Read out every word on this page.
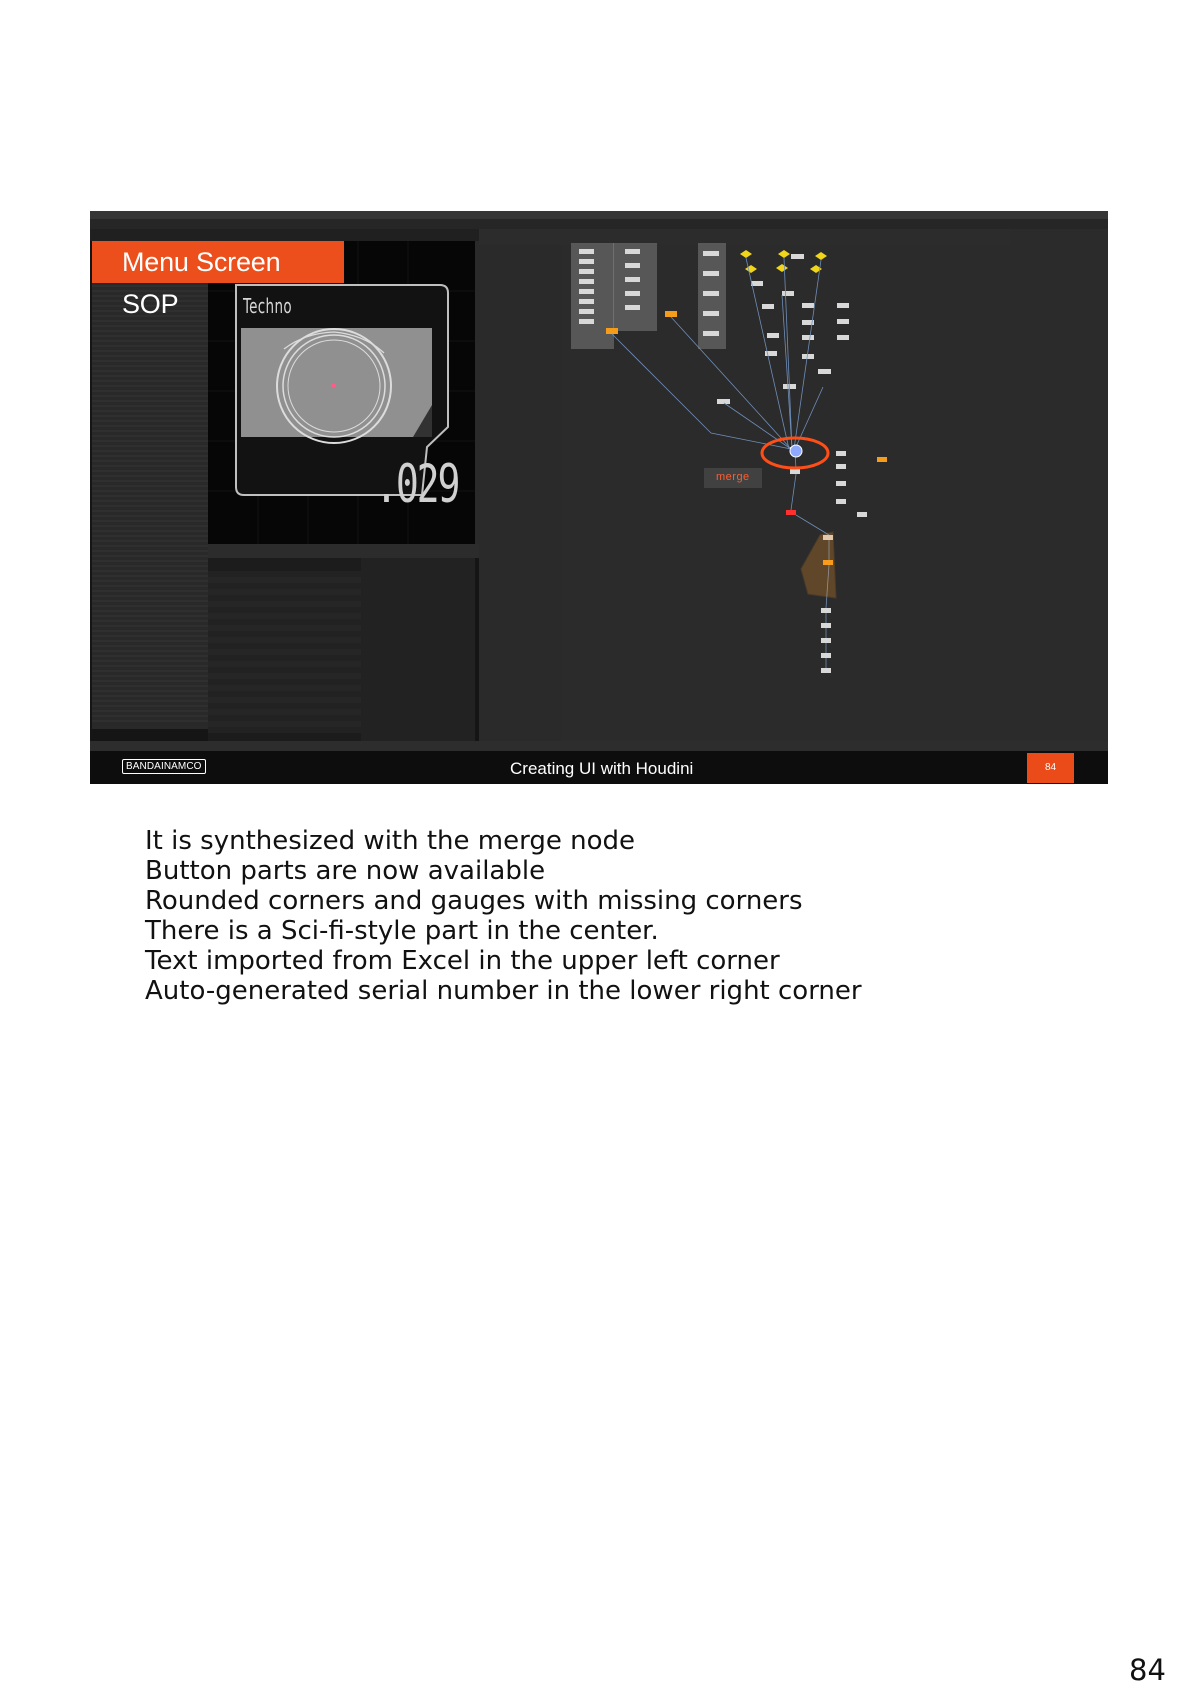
Menu Screen SOP	Techno
.029	merge
BANDAINAMCO	Creating UI with Houdini	84
It is synthesized with the merge node
Button parts are now available
Rounded corners and gauges with missing corners
There is a Sci-fi-style part in the center.
Text imported from Excel in the upper left corner
Auto-generated serial number in the lower right corner
84
